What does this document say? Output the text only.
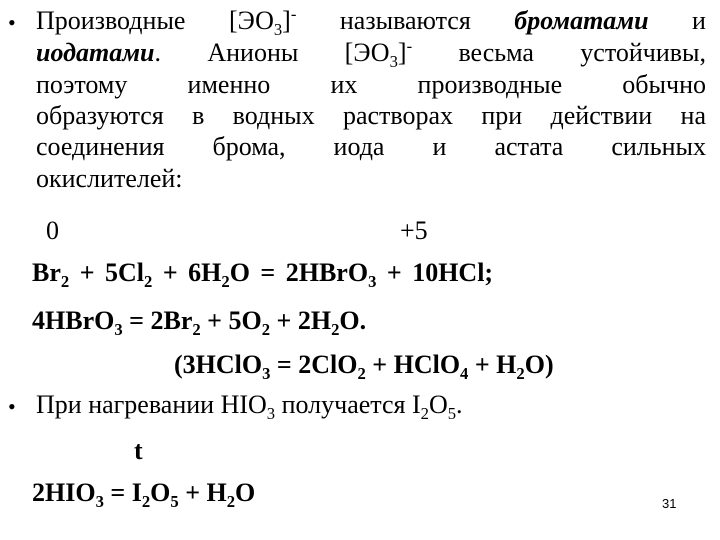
• Производные $[ЭО_3]^-$ называются броматами и
иодатами. Анионы $[ЭО_3]^-$ весьма устойчивы,
поэтому именно их производные обычно
образуются в водных растворах при действии на
соединения брома, иода и астата сильных
окислителей:
0	+5
$Br_2 + 5Cl_2 + 6H_2O$ = 2HBrO$_3$ + 10HCl;
4HBrO$_3$ = $2Br_2 + 5O_2 + 2H_2O$.
(3HClO$_3$ = 2ClO$_2$ + HClO$_4$ + $H_2O$)
• При нагревании $HIO_3$ получается $I_2O_5$.
t
$2HIO_3 = I_2O_5 + H_2O$	31
